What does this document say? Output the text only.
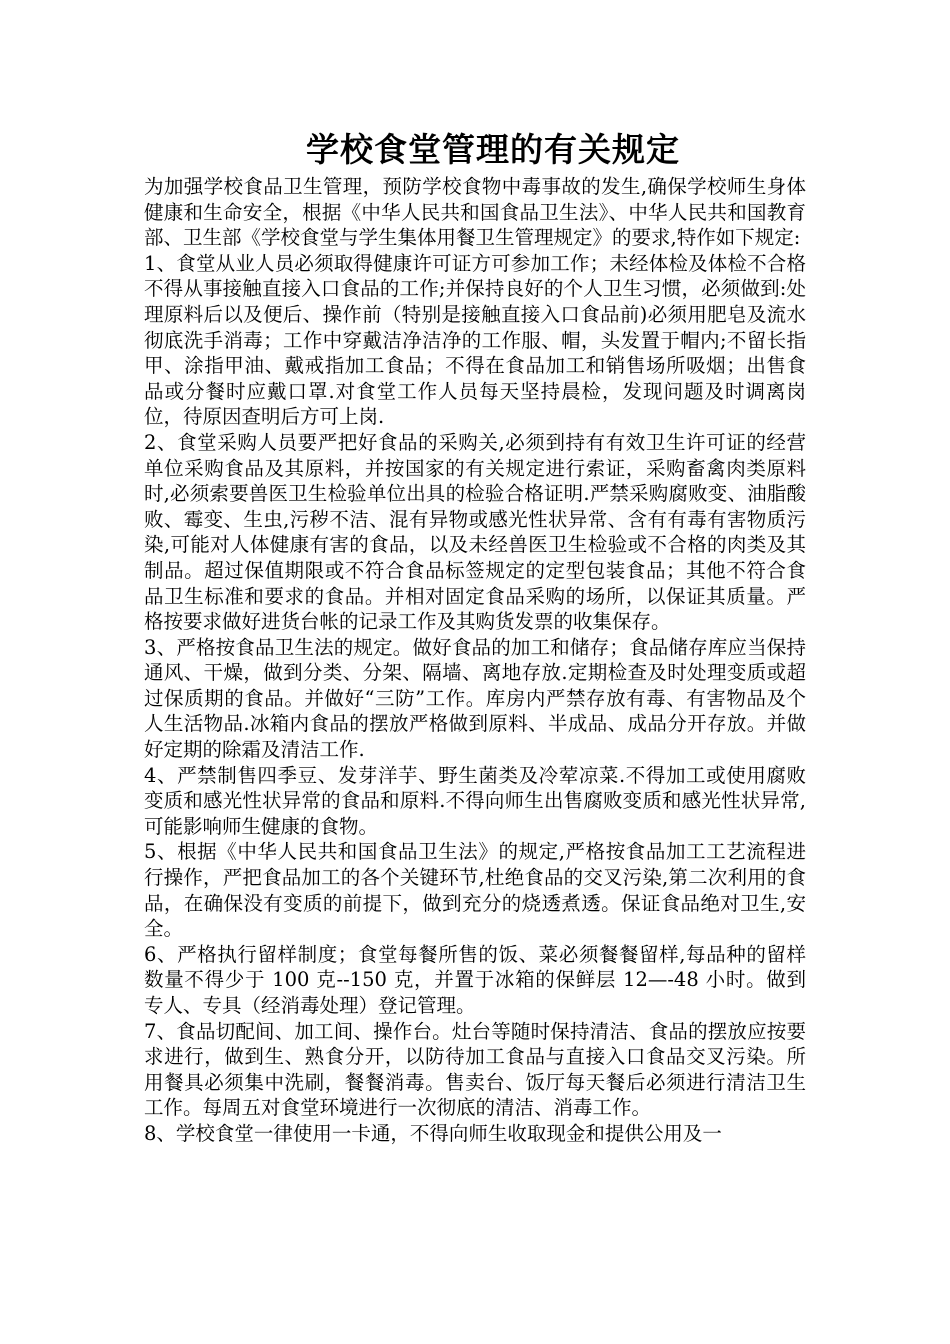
学校食堂管理的有关规定

为加强学校食品卫生管理，预防学校食物中毒事故的发生,确保学校师生身体健康和生命安全，根据《中华人民共和国食品卫生法》、中华人民共和国教育部、卫生部《学校食堂与学生集体用餐卫生管理规定》的要求,特作如下规定:

1、食堂从业人员必须取得健康许可证方可参加工作；未经体检及体检不合格不得从事接触直接入口食品的工作;并保持良好的个人卫生习惯，必须做到:处理原料后以及便后、操作前（特别是接触直接入口食品前)必须用肥皂及流水彻底洗手消毒；工作中穿戴洁净洁净的工作服、帽，头发置于帽内;不留长指甲、涂指甲油、戴戒指加工食品；不得在食品加工和销售场所吸烟；出售食品或分餐时应戴口罩.对食堂工作人员每天坚持晨检，发现问题及时调离岗位，待原因查明后方可上岗.

2、食堂采购人员要严把好食品的采购关,必须到持有有效卫生许可证的经营单位采购食品及其原料，并按国家的有关规定进行索证，采购畜禽肉类原料时,必须索要兽医卫生检验单位出具的检验合格证明.严禁采购腐败变、油脂酸败、霉变、生虫,污秽不洁、混有异物或感光性状异常、含有有毒有害物质污染,可能对人体健康有害的食品，以及未经兽医卫生检验或不合格的肉类及其制品。超过保值期限或不符合食品标签规定的定型包装食品；其他不符合食品卫生标准和要求的食品。并相对固定食品采购的场所，以保证其质量。严格按要求做好进货台帐的记录工作及其购货发票的收集保存。

3、严格按食品卫生法的规定。做好食品的加工和储存；食品储存库应当保持通风、干燥，做到分类、分架、隔墙、离地存放.定期检查及时处理变质或超过保质期的食品。并做好“三防”工作。库房内严禁存放有毒、有害物品及个人生活物品.冰箱内食品的摆放严格做到原料、半成品、成品分开存放。并做好定期的除霜及清洁工作.

4、严禁制售四季豆、发芽洋芋、野生菌类及冷荤凉菜.不得加工或使用腐败变质和感光性状异常的食品和原料.不得向师生出售腐败变质和感光性状异常,可能影响师生健康的食物。

5、根据《中华人民共和国食品卫生法》的规定,严格按食品加工工艺流程进行操作，严把食品加工的各个关键环节,杜绝食品的交叉污染,第二次利用的食品，在确保没有变质的前提下，做到充分的烧透煮透。保证食品绝对卫生,安全。

6、严格执行留样制度；食堂每餐所售的饭、菜必须餐餐留样,每品种的留样数量不得少于 100 克--150 克，并置于冰箱的保鲜层 12—-48 小时。做到专人、专具（经消毒处理）登记管理。

7、食品切配间、加工间、操作台。灶台等随时保持清洁、食品的摆放应按要求进行，做到生、熟食分开，以防待加工食品与直接入口食品交叉污染。所用餐具必须集中洗刷，餐餐消毒。售卖台、饭厅每天餐后必须进行清洁卫生工作。每周五对食堂环境进行一次彻底的清洁、消毒工作。

8、学校食堂一律使用一卡通，不得向师生收取现金和提供公用及一
